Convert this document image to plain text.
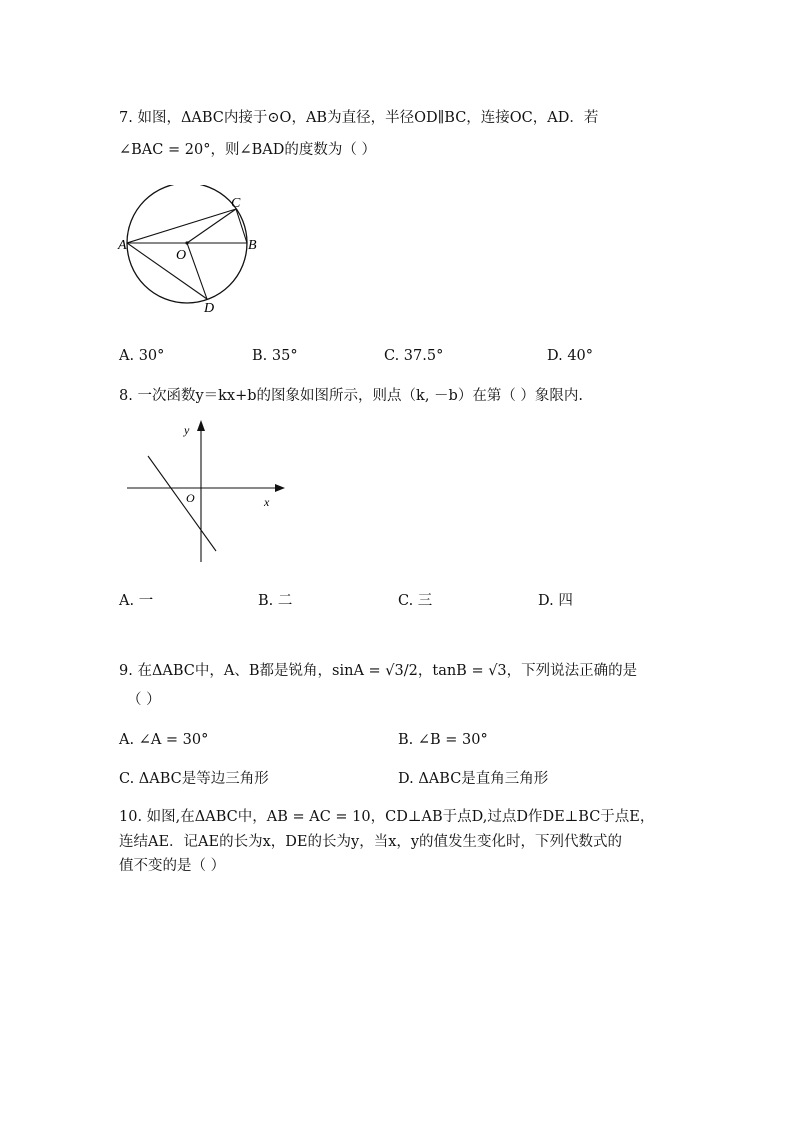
7. 如图，ΔABC内接于⊙O，AB为直径，半径OD∥BC，连接OC，AD．若
∠BAC = 20°，则∠BAD的度数为（ ）
A	B
C
D
O
A. 30°	B. 35°	C. 37.5°	D. 40°
8. 一次函数y＝kx+b的图象如图所示，则点（k, －b）在第（ ）象限内.
y
x
O
A. 一	B. 二	C. 三	D. 四
9. 在ΔABC中，A、B都是锐角，sinA = √3/2，tanB = √3，下列说法正确的是
（ ）
A. ∠A = 30°	B. ∠B = 30°
C. ΔABC是等边三角形	D. ΔABC是直角三角形
10. 如图,在ΔABC中，AB = AC = 10，CD⊥AB于点D,过点D作DE⊥BC于点E，
连结AE．记AE的长为x，DE的长为y，当x，y的值发生变化时，下列代数式的
值不变的是（ ）
